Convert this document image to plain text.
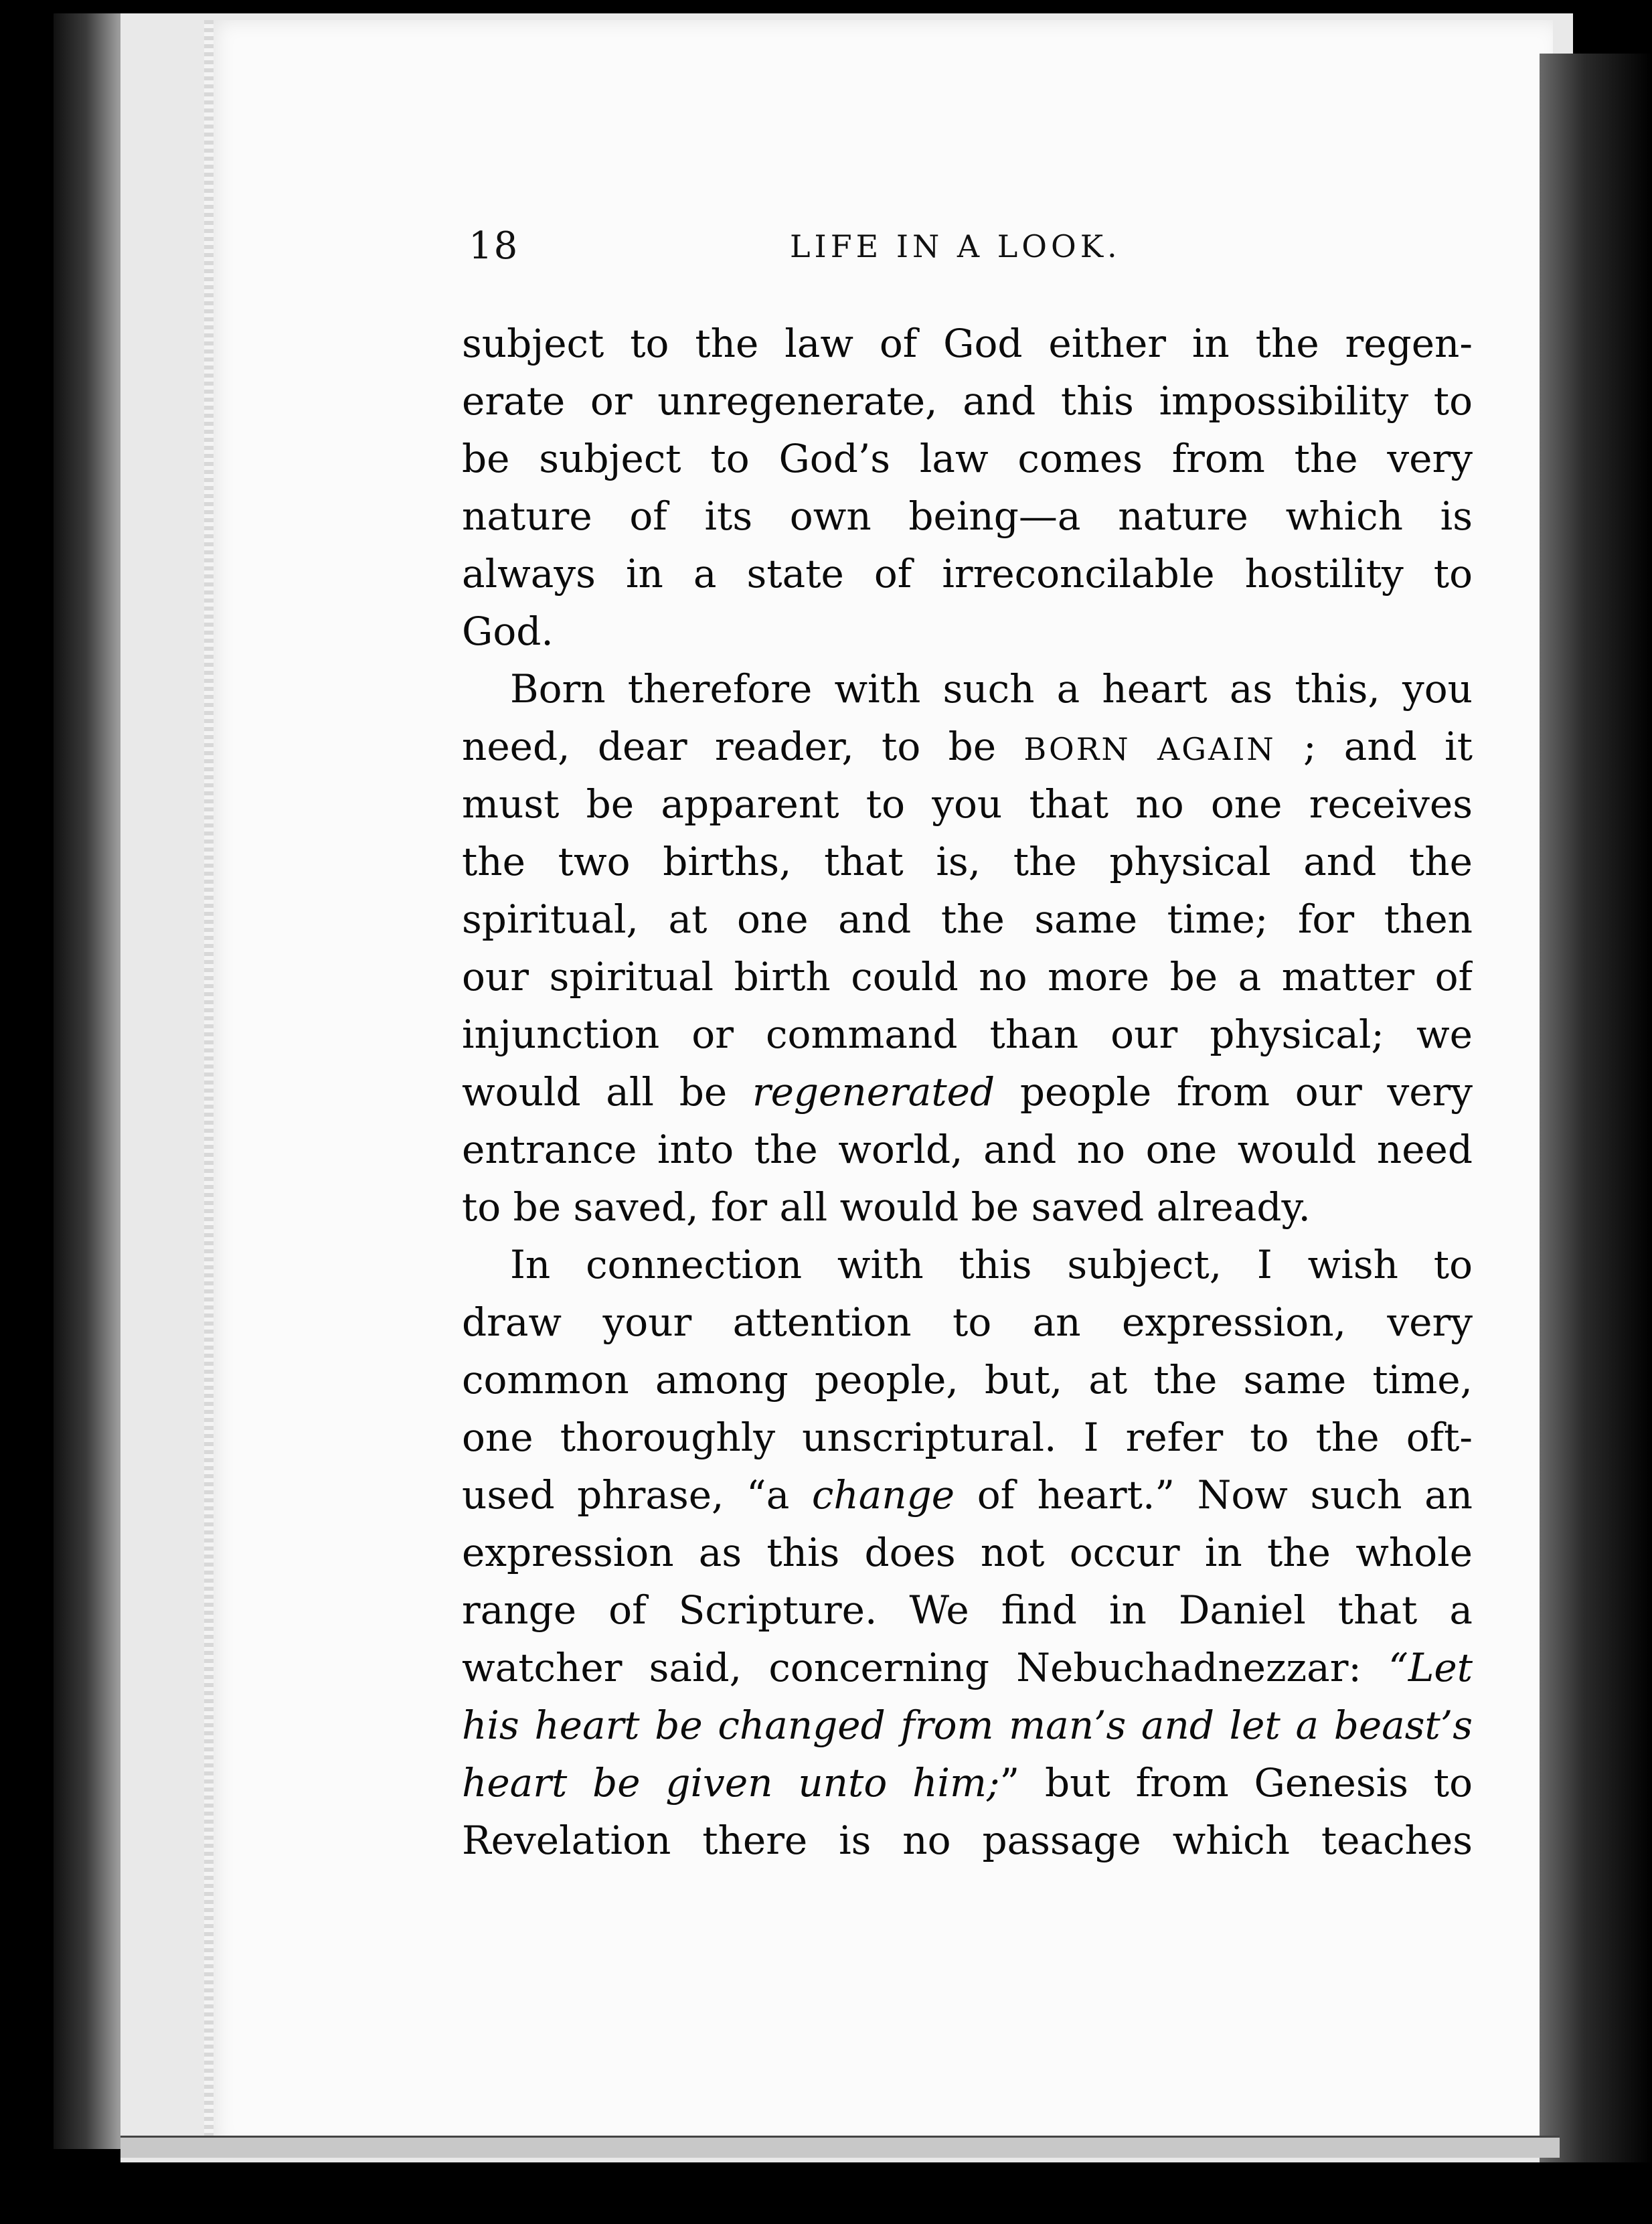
18	LIFE IN A LOOK.
subject to the law of God either in the regen-
erate or unregenerate, and this impossibility to
be subject to God’s law comes from the very
nature of its own being—a nature which is
always in a state of irreconcilable hostility to
God.
Born therefore with such a heart as this, you
need, dear reader, to be BORN AGAIN ; and it
must be apparent to you that no one receives
the two births, that is, the physical and the
spiritual, at one and the same time; for then
our spiritual birth could no more be a matter of
injunction or command than our physical; we
would all be regenerated people from our very
entrance into the world, and no one would need
to be saved, for all would be saved already.
In connection with this subject, I wish to
draw your attention to an expression, very
common among people, but, at the same time,
one thoroughly unscriptural. I refer to the oft-
used phrase, “a change of heart.” Now such an
expression as this does not occur in the whole
range of Scripture. We find in Daniel that a
watcher said, concerning Nebuchadnezzar: “Let
his heart be changed from man’s and let a beast’s
heart be given unto him;” but from Genesis to
Revelation there is no passage which teaches
